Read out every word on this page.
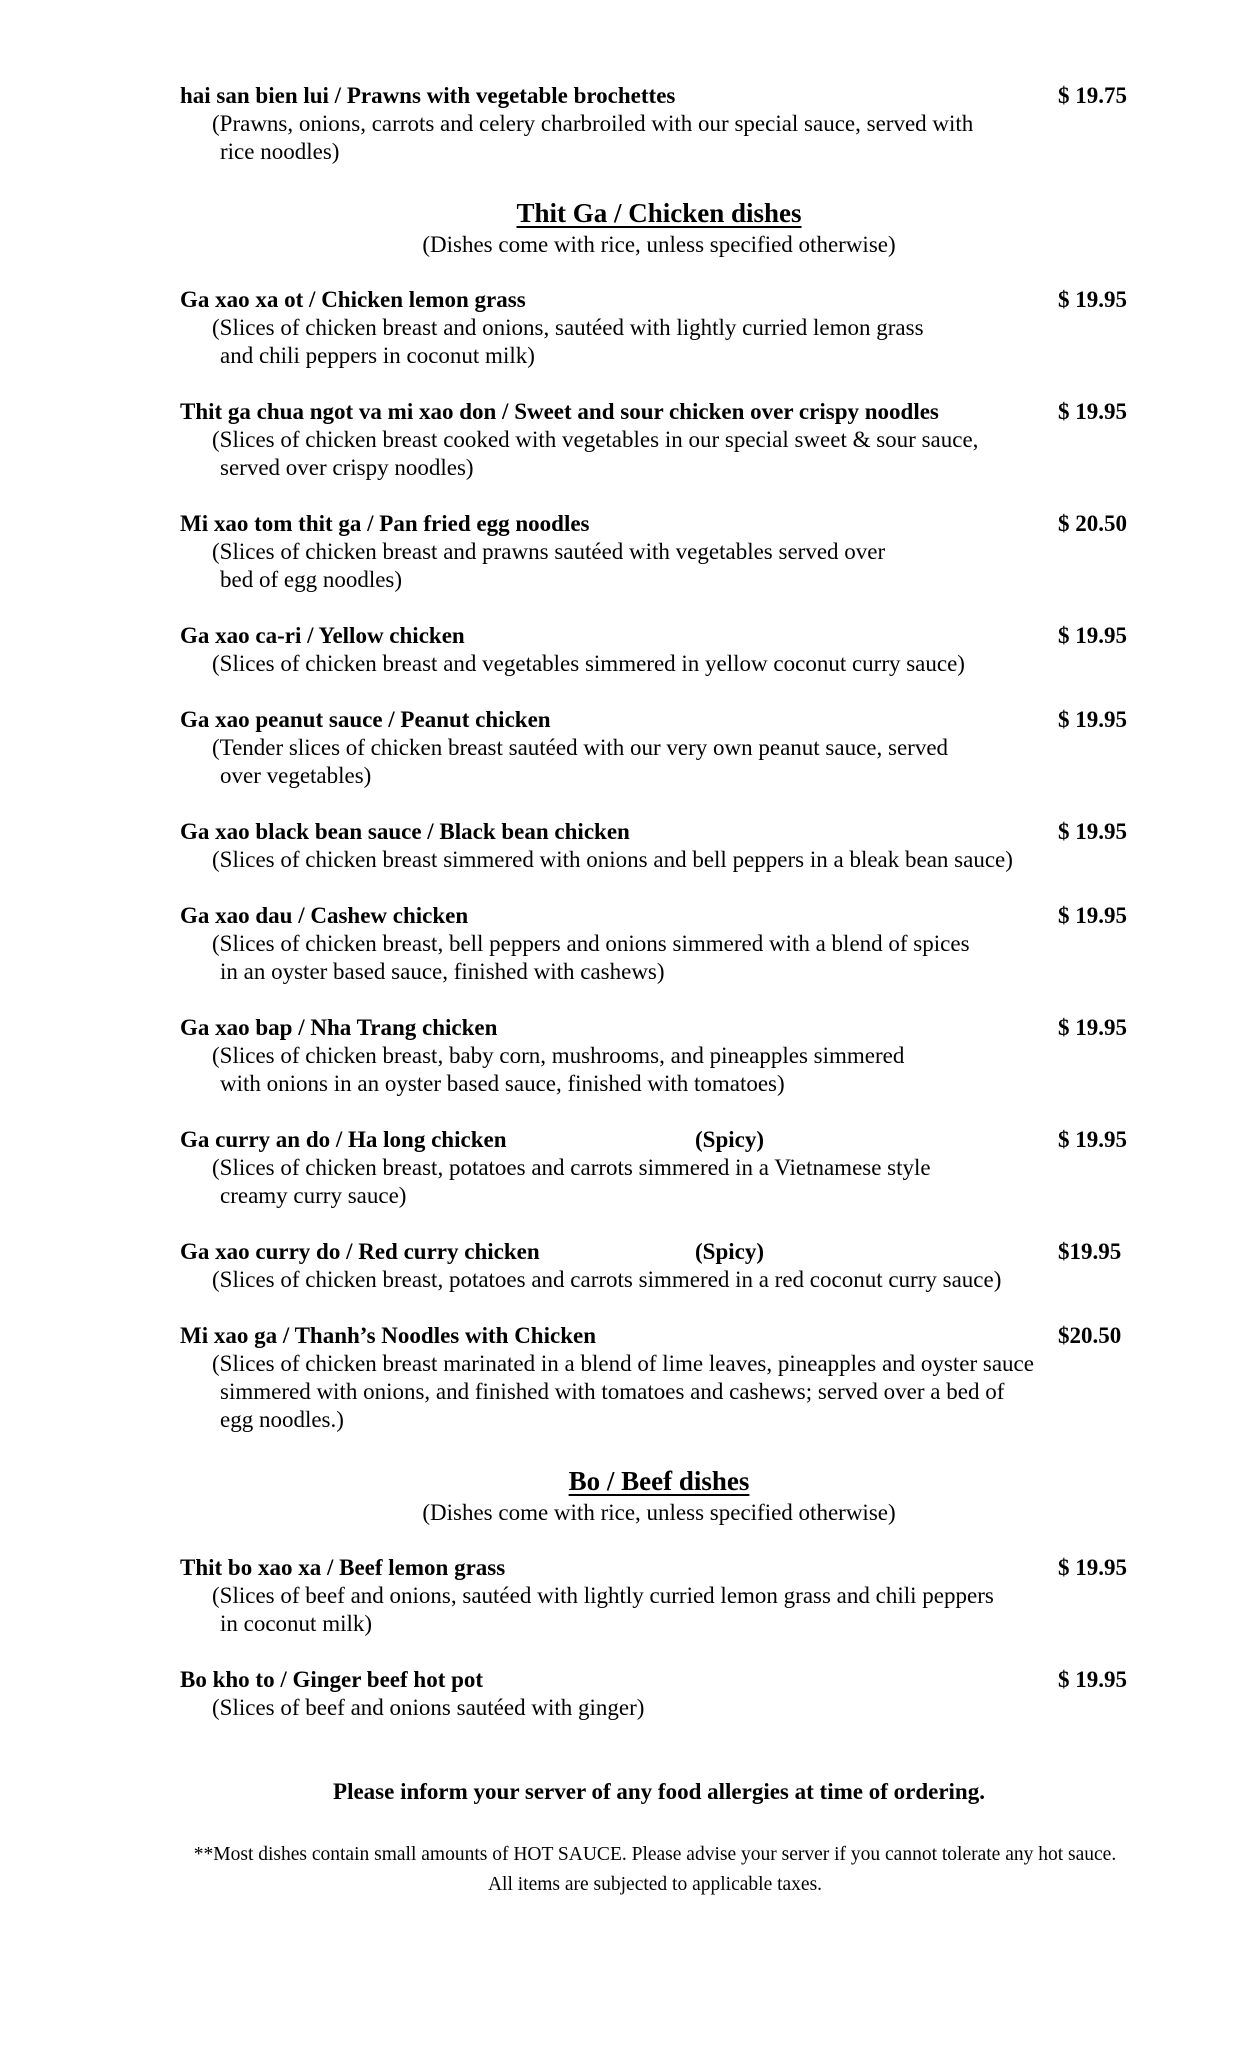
hai san bien lui / Prawns with vegetable brochettes	$ 19.75
(Prawns, onions, carrots and celery charbroiled with our special sauce, served with
rice noodles)
Thit Ga / Chicken dishes
(Dishes come with rice, unless specified otherwise)
Ga xao xa ot / Chicken lemon grass	$ 19.95
(Slices of chicken breast and onions, sautéed with lightly curried lemon grass
and chili peppers in coconut milk)
Thit ga chua ngot va mi xao don / Sweet and sour chicken over crispy noodles	$ 19.95
(Slices of chicken breast cooked with vegetables in our special sweet & sour sauce,
served over crispy noodles)
Mi xao tom thit ga / Pan fried egg noodles	$ 20.50
(Slices of chicken breast and prawns sautéed with vegetables served over
bed of egg noodles)
Ga xao ca-ri / Yellow chicken	$ 19.95
(Slices of chicken breast and vegetables simmered in yellow coconut curry sauce)
Ga xao peanut sauce / Peanut chicken	$ 19.95
(Tender slices of chicken breast sautéed with our very own peanut sauce, served
over vegetables)
Ga xao black bean sauce / Black bean chicken	$ 19.95
(Slices of chicken breast simmered with onions and bell peppers in a bleak bean sauce)
Ga xao dau / Cashew chicken	$ 19.95
(Slices of chicken breast, bell peppers and onions simmered with a blend of spices
in an oyster based sauce, finished with cashews)
Ga xao bap / Nha Trang chicken	$ 19.95
(Slices of chicken breast, baby corn, mushrooms, and pineapples simmered
with onions in an oyster based sauce, finished with tomatoes)
Ga curry an do / Ha long chicken	(Spicy)	$ 19.95
(Slices of chicken breast, potatoes and carrots simmered in a Vietnamese style
creamy curry sauce)
Ga xao curry do / Red curry chicken	(Spicy)	$19.95
(Slices of chicken breast, potatoes and carrots simmered in a red coconut curry sauce)
Mi xao ga / Thanh’s Noodles with Chicken	$20.50
(Slices of chicken breast marinated in a blend of lime leaves, pineapples and oyster sauce
simmered with onions, and finished with tomatoes and cashews; served over a bed of
egg noodles.)
Bo / Beef dishes
(Dishes come with rice, unless specified otherwise)
Thit bo xao xa / Beef lemon grass	$ 19.95
(Slices of beef and onions, sautéed with lightly curried lemon grass and chili peppers
in coconut milk)
Bo kho to / Ginger beef hot pot	$ 19.95
(Slices of beef and onions sautéed with ginger)
Please inform your server of any food allergies at time of ordering.
**Most dishes contain small amounts of HOT SAUCE. Please advise your server if you cannot tolerate any hot sauce.
All items are subjected to applicable taxes.
